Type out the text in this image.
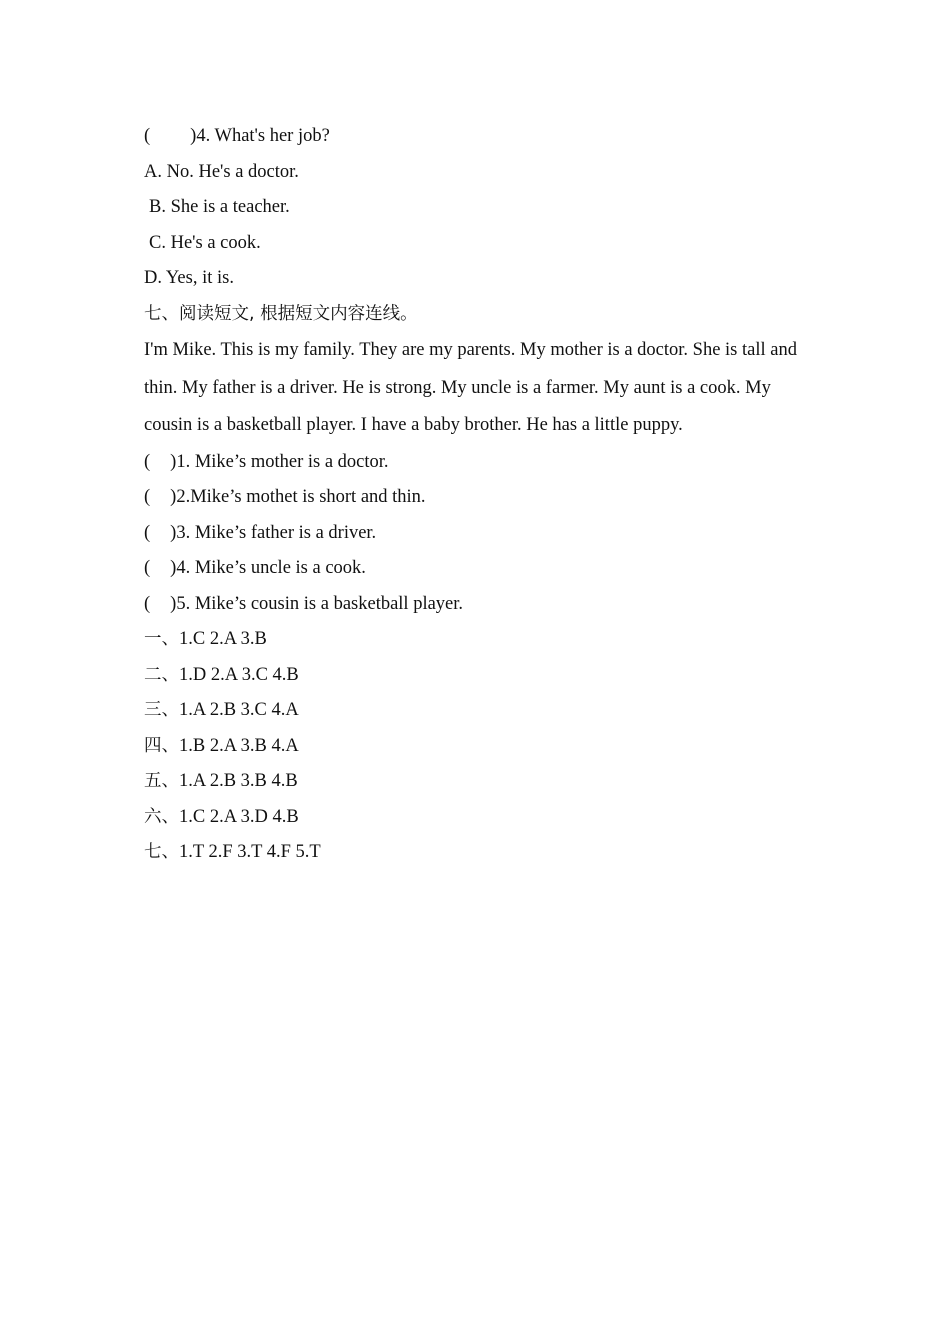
( )4. What's her job?
A. No. He's a doctor.
B. She is a teacher.
C. He's a cook.
D. Yes, it is.
七、阅读短文, 根据短文内容连线。

I'm Mike. This is my family. They are my parents. My mother is a doctor. She is tall and thin. My father is a driver. He is strong. My uncle is a farmer. My aunt is a cook. My cousin is a basketball player. I have a baby brother. He has a little puppy.

( )1. Mike’s mother is a doctor.
( )2.Mike’s mothet is short and thin.
( )3. Mike’s father is a driver.
( )4. Mike’s uncle is a cook.
( )5. Mike’s cousin is a basketball player.
一、1.C 2.A 3.B
二、1.D 2.A 3.C 4.B
三、1.A 2.B 3.C 4.A
四、1.B 2.A 3.B 4.A
五、1.A 2.B 3.B 4.B
六、1.C 2.A 3.D 4.B
七、1.T 2.F 3.T 4.F 5.T
